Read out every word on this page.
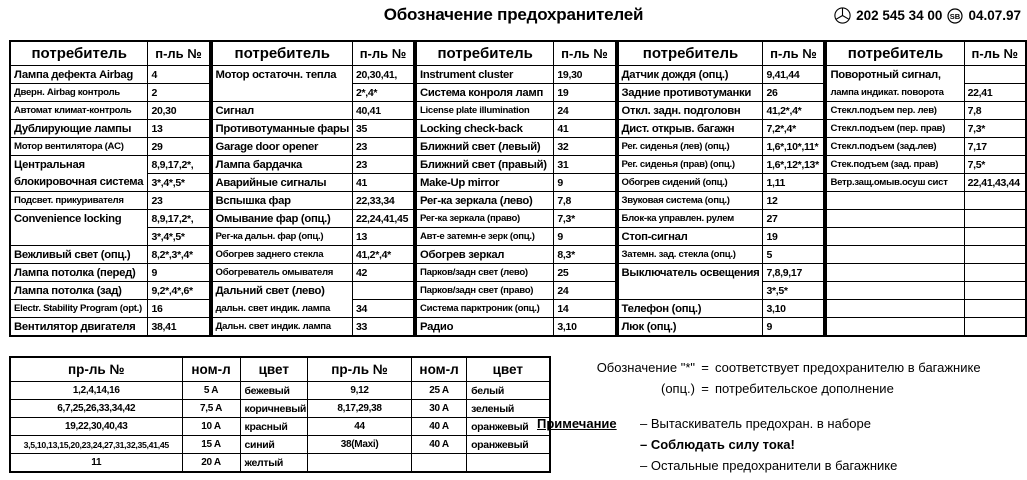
Обозначение предохранителей	202 545 34 00 SB 04.07.97
потребитель	п-ль №
Лампа дефекта Airbag	4
Дверн. Airbag контроль	2
Автомат климат-контроль	20,30
Дублирующие лампы	13
Мотор вентилятора (AC)	29
Центральная	8,9,17,2*,
блокировочная система	3*,4*,5*
Подсвет. прикуривателя	23
Convenience locking	8,9,17,2*,
	3*,4*,5*
Вежливый свет (опц.)	8,2*,3*,4*
Лампа потолка (перед)	9
Лампа потолка (зад)	9,2*,4*,6*
Electr. Stability Program (opt.)	16
Вентилятор двигателя	38,41
потребитель	п-ль №
Мотор остаточн. тепла	20,30,41,
	2*,4*
Сигнал	40,41
Противотуманные фары	35
Garage door opener	23
Лампа бардачка	23
Аварийные сигналы	41
Вспышка фар	22,33,34
Омывание фар (опц.)	22,24,41,45
Рег-ка дальн. фар (опц.)	13
Обогрев заднего стекла	41,2*,4*
Обогреватель омывателя	42
Дальний свет (лево)	
дальн. свет индик. лампа	34
Дальн. свет индик. лампа	33
потребитель	п-ль №
Instrument cluster	19,30
Система конроля ламп	19
License plate illumination	24
Locking check-back	41
Ближний свет (левый)	32
Ближний свет (правый)	31
Make-Up mirror	9
Рег-ка зеркала (лево)	7,8
Рег-ка зеркала (право)	7,3*
Авт-е затемн-е зерк (опц.)	9
Обогрев зеркал	8,3*
Парков/задн свет (лево)	25
Парков/задн свет (право)	24
Система парктроник (опц.)	14
Радио	3,10
потребитель	п-ль №
Датчик дождя (опц.)	9,41,44
Задние противотуманки	26
Откл. задн. подголовн	41,2*,4*
Дист. открыв. багажн	7,2*,4*
Рег. сиденья (лев) (опц.)	1,6*,10*,11*
Рег. сиденья (прав) (опц.)	1,6*,12*,13*
Обогрев сидений (опц.)	1,11
Звуковая система (опц.)	12
Блок-ка управлен. рулем	27
Стоп-сигнал	19
Затемн. зад. стекла (опц.)	5
Выключатель освещения	7,8,9,17
	3*,5*
Телефон (опц.)	3,10
Люк (опц.)	9
потребитель	п-ль №
Поворотный сигнал,	
лампа индикат. поворота	22,41
Стекл.подъем пер. лев)	7,8
Стекл.подъем (пер. прав)	7,3*
Стекл.подъем (зад.лев)	7,17
Стек.подъем (зад. прав)	7,5*
Ветр.защ.омыв.осуш сист	22,41,43,44

пр-ль №	ном-л	цвет	пр-ль №	ном-л	цвет
1,2,4,14,16	5 A	бежевый	9,12	25 A	белый
6,7,25,26,33,34,42	7,5 A	коричневый	8,17,29,38	30 A	зеленый
19,22,30,40,43	10 A	красный	44	40 A	оранжевый
3,5,10,13,15,20,23,24,27,31,32,35,41,45	15 A	синий	38(Maxi)	40 A	оранжевый
11	20 A	желтый			
Обозначение "*" = соответствует предохранителю в багажнике
(опц.) = потребительское дополнение
Примечание	– Вытаскиватель предохран. в наборе
– Соблюдать силу тока!
– Остальные предохранители в багажнике
